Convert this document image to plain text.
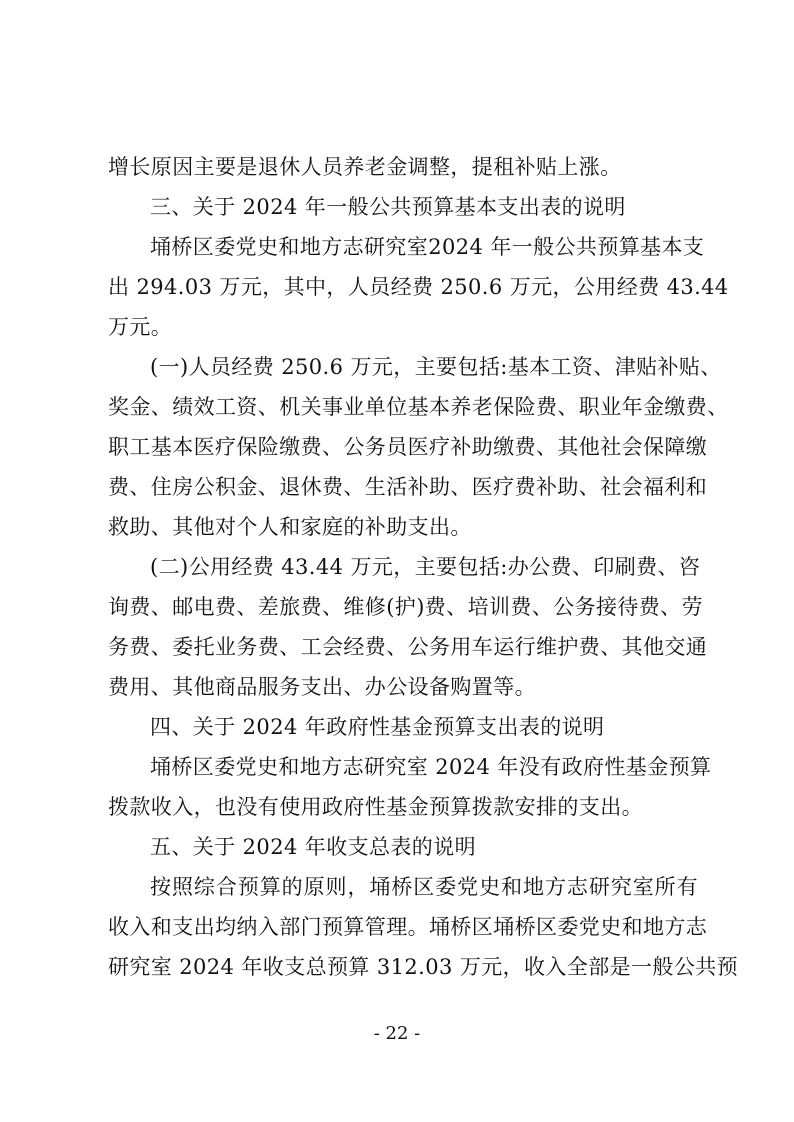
增长原因主要是退休人员养老金调整，提租补贴上涨。
三、关于 2024 年一般公共预算基本支出表的说明
埇桥区委党史和地方志研究室2024 年一般公共预算基本支
出 294.03 万元，其中，人员经费 250.6 万元，公用经费 43.44
万元。
(一)人员经费 250.6 万元，主要包括:基本工资、津贴补贴、
奖金、绩效工资、机关事业单位基本养老保险费、职业年金缴费、
职工基本医疗保险缴费、公务员医疗补助缴费、其他社会保障缴
费、住房公积金、退休费、生活补助、医疗费补助、社会福利和
救助、其他对个人和家庭的补助支出。
(二)公用经费 43.44 万元，主要包括:办公费、印刷费、咨
询费、邮电费、差旅费、维修(护)费、培训费、公务接待费、劳
务费、委托业务费、工会经费、公务用车运行维护费、其他交通
费用、其他商品服务支出、办公设备购置等。
四、关于 2024 年政府性基金预算支出表的说明
埇桥区委党史和地方志研究室 2024 年没有政府性基金预算
拨款收入，也没有使用政府性基金预算拨款安排的支出。
五、关于 2024 年收支总表的说明
按照综合预算的原则，埇桥区委党史和地方志研究室所有
收入和支出均纳入部门预算管理。埇桥区埇桥区委党史和地方志
研究室 2024 年收支总预算 312.03 万元，收入全部是一般公共预
- 22 -
